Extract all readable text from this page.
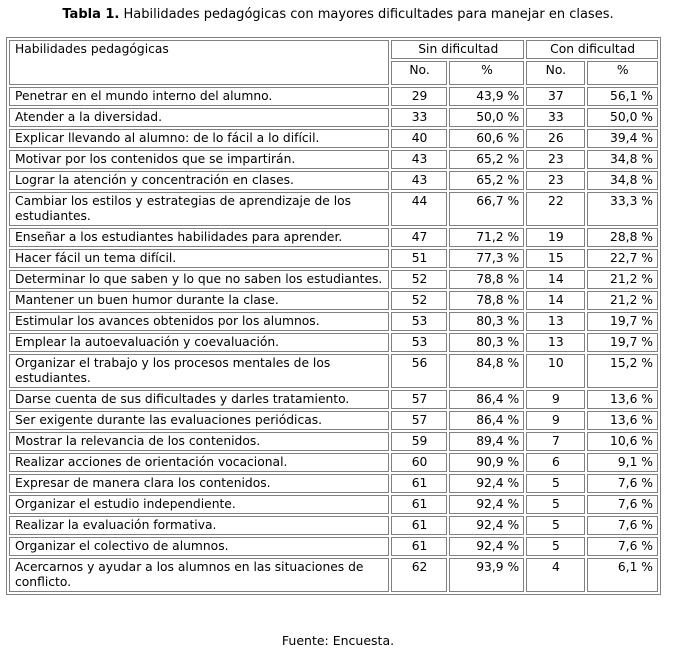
Tabla 1. Habilidades pedagógicas con mayores dificultades para manejar en clases.
Habilidades pedagógicas	Sin dificultad		Con dificultad	
	No.	%	No.	%
Penetrar en el mundo interno del alumno.	29	43,9 %	37	56,1 %
Atender a la diversidad.	33	50,0 %	33	50,0 %
Explicar llevando al alumno: de lo fácil a lo difícil.	40	60,6 %	26	39,4 %
Motivar por los contenidos que se impartirán.	43	65,2 %	23	34,8 %
Lograr la atención y concentración en clases.	43	65,2 %	23	34,8 %
Cambiar los estilos y estrategias de aprendizaje de los estudiantes.	44	66,7 %	22	33,3 %
Enseñar a los estudiantes habilidades para aprender.	47	71,2 %	19	28,8 %
Hacer fácil un tema difícil.	51	77,3 %	15	22,7 %
Determinar lo que saben y lo que no saben los estudiantes.	52	78,8 %	14	21,2 %
Mantener un buen humor durante la clase.	52	78,8 %	14	21,2 %
Estimular los avances obtenidos por los alumnos.	53	80,3 %	13	19,7 %
Emplear la autoevaluación y coevaluación.	53	80,3 %	13	19,7 %
Organizar el trabajo y los procesos mentales de los estudiantes.	56	84,8 %	10	15,2 %
Darse cuenta de sus dificultades y darles tratamiento.	57	86,4 %	9	13,6 %
Ser exigente durante las evaluaciones periódicas.	57	86,4 %	9	13,6 %
Mostrar la relevancia de los contenidos.	59	89,4 %	7	10,6 %
Realizar acciones de orientación vocacional.	60	90,9 %	6	9,1 %
Expresar de manera clara los contenidos.	61	92,4 %	5	7,6 %
Organizar el estudio independiente.	61	92,4 %	5	7,6 %
Realizar la evaluación formativa.	61	92,4 %	5	7,6 %
Organizar el colectivo de alumnos.	61	92,4 %	5	7,6 %
Acercarnos y ayudar a los alumnos en las situaciones de conflicto.	62	93,9 %	4	6,1 %
Fuente: Encuesta.
